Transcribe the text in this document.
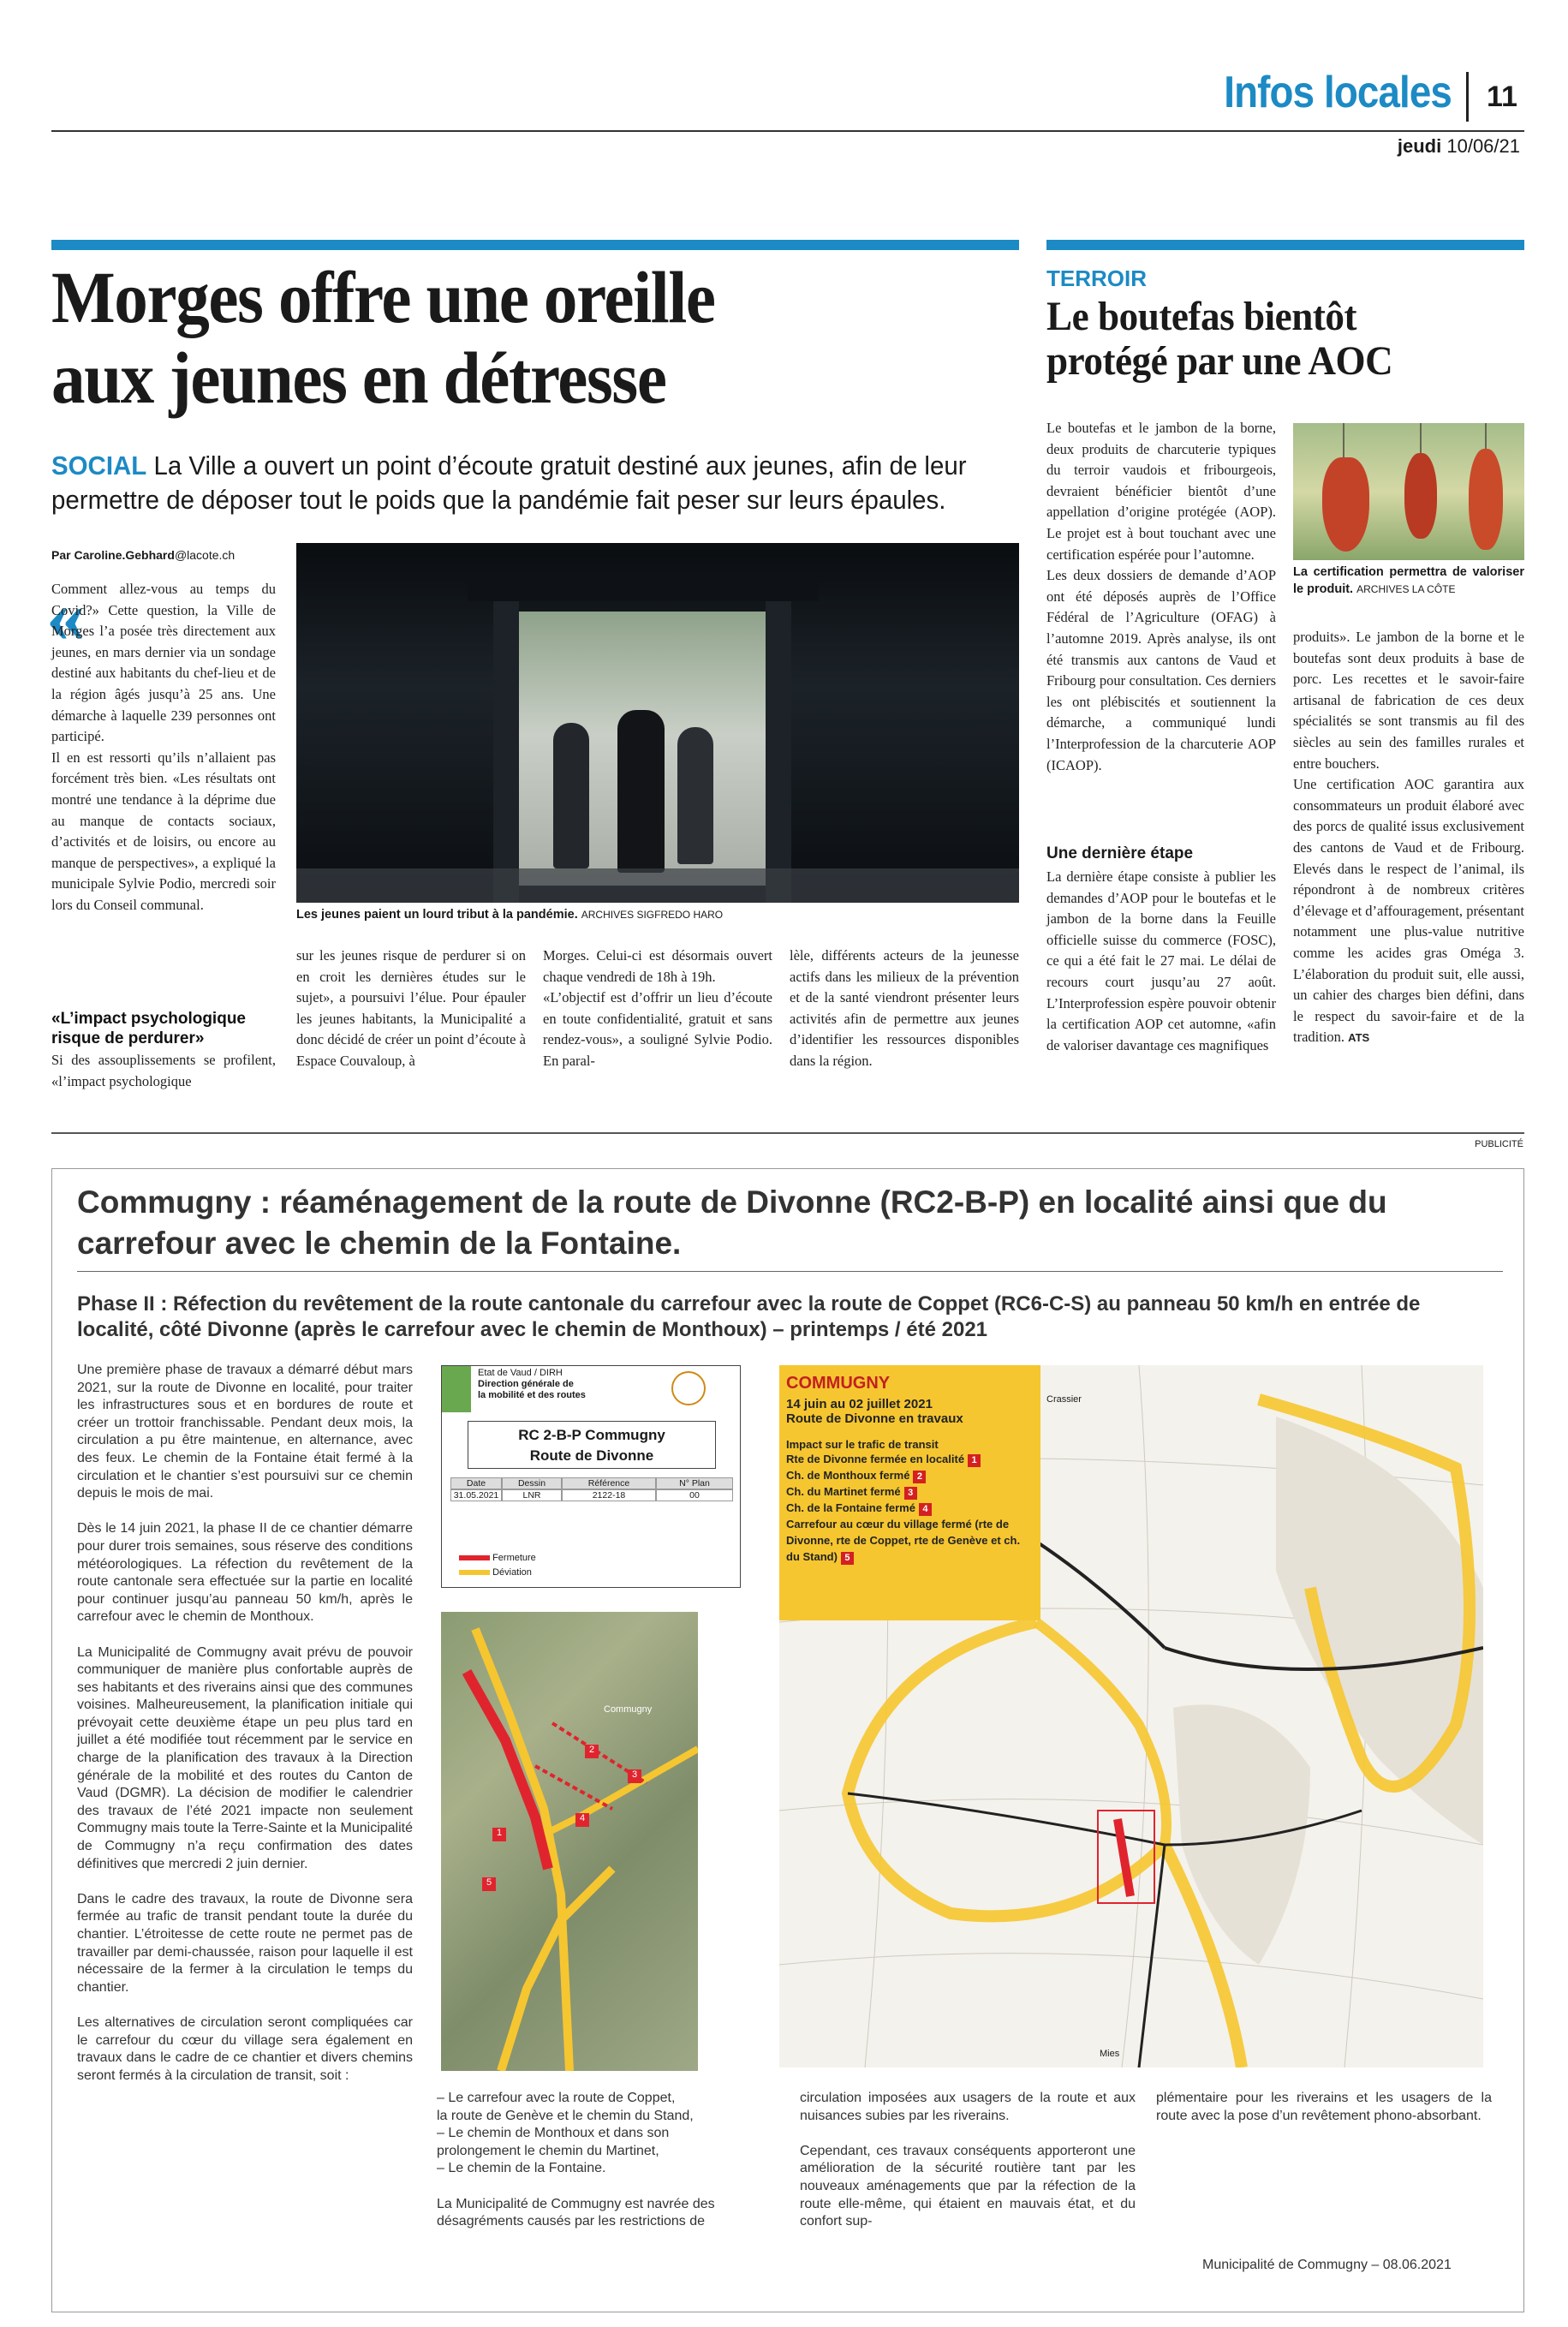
Infos locales 11
jeudi 10/06/21
Morges offre une oreille
aux jeunes en détresse
SOCIAL La Ville a ouvert un point d’écoute gratuit destiné aux jeunes, afin de leur permettre de déposer tout le poids que la pandémie fait peser sur leurs épaules.
Par Caroline.Gebhard@lacote.ch
«
Comment allez-vous au temps du Covid?» Cette question, la Ville de Morges l’a posée très directement aux jeunes, en mars dernier via un sondage destiné aux habitants du chef-lieu et de la région âgés jusqu’à 25 ans. Une démarche à laquelle 239 personnes ont participé.
Il en est ressorti qu’ils n’allaient pas forcément très bien. «Les résultats ont montré une tendance à la déprime due au manque de contacts sociaux, d’activités et de loisirs, ou encore au manque de perspectives», a expliqué la municipale Sylvie Podio, mercredi soir lors du Conseil communal.
«L’impact psychologique risque de perdurer»
Si des assouplissements se profilent, «l’impact psychologique
Les jeunes paient un lourd tribut à la pandémie. ARCHIVES SIGFREDO HARO
sur les jeunes risque de perdurer si on en croit les dernières études sur le sujet», a poursuivi l’élue. Pour épauler les jeunes habitants, la Municipalité a donc décidé de créer un point d’écoute à Espace Couvaloup, à
Morges. Celui-ci est désormais ouvert chaque vendredi de 18h à 19h.
«L’objectif est d’offrir un lieu d’écoute en toute confidentialité, gratuit et sans rendez-vous», a souligné Sylvie Podio. En paral-
lèle, différents acteurs de la jeunesse actifs dans les milieux de la prévention et de la santé viendront présenter leurs activités afin de permettre aux jeunes d’identifier les ressources disponibles dans la région.
TERROIR
Le boutefas bientôt
protégé par une AOC
Le boutefas et le jambon de la borne, deux produits de charcuterie typiques du terroir vaudois et fribourgeois, devraient bénéficier bientôt d’une appellation d’origine protégée (AOP). Le projet est à bout touchant avec une certification espérée pour l’automne.
Les deux dossiers de demande d’AOP ont été déposés auprès de l’Office Fédéral de l’Agriculture (OFAG) à l’automne 2019. Après analyse, ils ont été transmis aux cantons de Vaud et Fribourg pour consultation. Ces derniers les ont plébiscités et soutiennent la démarche, a communiqué lundi l’Interprofession de la charcuterie AOP (ICAOP).
Une dernière étape
La dernière étape consiste à publier les demandes d’AOP pour le boutefas et le jambon de la borne dans la Feuille officielle suisse du commerce (FOSC), ce qui a été fait le 27 mai. Le délai de recours court jusqu’au 27 août. L’Interprofession espère pouvoir obtenir la certification AOP cet automne, «afin de valoriser davantage ces magnifiques
La certification permettra de valoriser le produit. ARCHIVES LA CÔTE
produits». Le jambon de la borne et le boutefas sont deux produits à base de porc. Les recettes et le savoir-faire artisanal de fabrication de ces deux spécialités se sont transmis au fil des siècles au sein des familles rurales et entre bouchers.
Une certification AOC garantira aux consommateurs un produit élaboré avec des porcs de qualité issus exclusivement des cantons de Vaud et de Fribourg. Elevés dans le respect de l’animal, ils répondront à de nombreux critères d’élevage et d’affouragement, présentant notamment une plus-value nutritive comme les acides gras Oméga 3. L’élaboration du produit suit, elle aussi, un cahier des charges bien défini, dans le respect du savoir-faire et de la tradition. ATS
PUBLICITÉ
Commugny : réaménagement de la route de Divonne (RC2-B-P) en localité ainsi que du carrefour avec le chemin de la Fontaine.
Phase II : Réfection du revêtement de la route cantonale du carrefour avec la route de Coppet (RC6-C-S) au panneau 50 km/h en entrée de localité, côté Divonne (après le carrefour avec le chemin de Monthoux) – printemps / été 2021
Une première phase de travaux a démarré début mars 2021, sur la route de Divonne en localité, pour traiter les infrastructures sous et en bordures de route et créer un trottoir franchissable. Pendant deux mois, la circulation a pu être maintenue, en alternance, avec des feux. Le chemin de la Fontaine était fermé à la circulation et le chantier s’est poursuivi sur ce chemin depuis le mois de mai.

Dès le 14 juin 2021, la phase II de ce chantier démarre pour durer trois semaines, sous réserve des conditions météorologiques. La réfection du revêtement de la route cantonale sera effectuée sur la partie en localité pour continuer jusqu’au panneau 50 km/h, après le carrefour avec le chemin de Monthoux.

La Municipalité de Commugny avait prévu de pouvoir communiquer de manière plus confortable auprès de ses habitants et des riverains ainsi que des communes voisines. Malheureusement, la planification initiale qui prévoyait cette deuxième étape un peu plus tard en juillet a été modifiée tout récemment par le service en charge de la planification des travaux à la Direction générale de la mobilité et des routes du Canton de Vaud (DGMR). La décision de modifier le calendrier des travaux de l’été 2021 impacte non seulement Commugny mais toute la Terre-Sainte et la Municipalité de Commugny n’a reçu confirmation des dates définitives que mercredi 2 juin dernier.

Dans le cadre des travaux, la route de Divonne sera fermée au trafic de transit pendant toute la durée du chantier. L’étroitesse de cette route ne permet pas de travailler par demi-chaussée, raison pour laquelle il est nécessaire de la fermer à la circulation le temps du chantier.

Les alternatives de circulation seront compliquées car le carrefour du cœur du village sera également en travaux dans le cadre de ce chantier et divers chemins seront fermés à la circulation de transit, soit :
Etat de Vaud / DIRH
Direction générale de
la mobilité et des routes
RC 2-B-P Commugny
Route de Divonne
Date	Dessin	Référence	N° Plan
31.05.2021	LNR	2122-18	00
Fermeture
Déviation
Commugny
1
2
3
4
5
Crassier
Mies
COMMUGNY
14 juin au 02 juillet 2021
Route de Divonne en travaux
Impact sur le trafic de transit
Rte de Divonne fermée en localité 1
Ch. de Monthoux fermé 2
Ch. du Martinet fermé 3
Ch. de la Fontaine fermé 4
Carrefour au cœur du village fermé (rte de Divonne, rte de Coppet, rte de Genève et ch. du Stand) 5
– Le carrefour avec la route de Coppet,
la route de Genève et le chemin du Stand,
– Le chemin de Monthoux et dans son
prolongement le chemin du Martinet,
– Le chemin de la Fontaine.

La Municipalité de Commugny est navrée des désagréments causés par les restrictions de
circulation imposées aux usagers de la route et aux nuisances subies par les riverains.

Cependant, ces travaux conséquents apporteront une amélioration de la sécurité routière tant par les nouveaux aménagements que par la réfection de la route elle-même, qui étaient en mauvais état, et du confort sup-
plémentaire pour les riverains et les usagers de la route avec la pose d’un revêtement phono-absorbant.
Municipalité de Commugny – 08.06.2021
